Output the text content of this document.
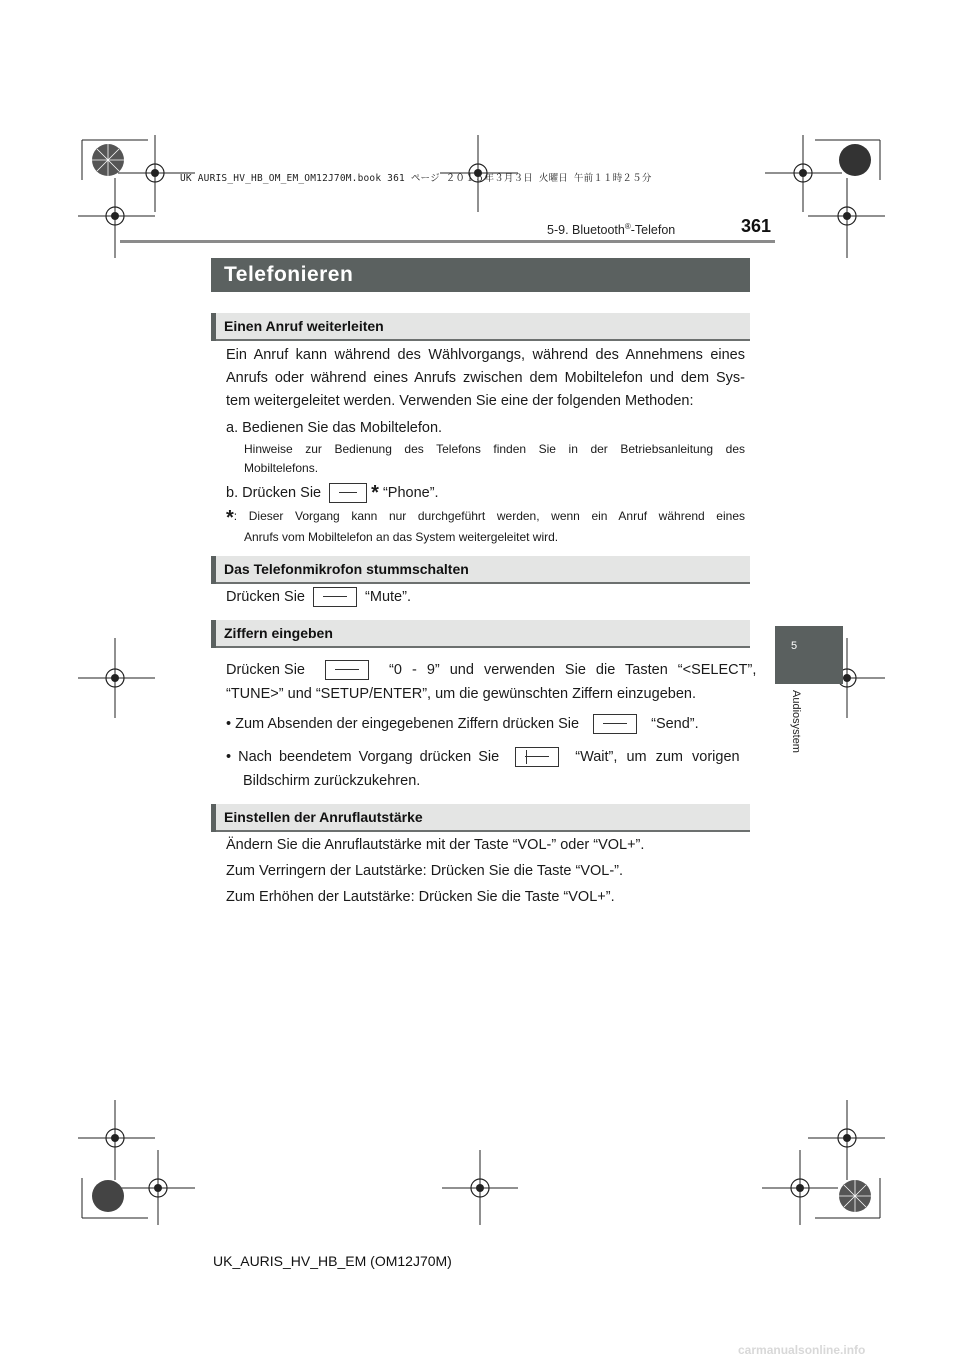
UK AURIS_HV_HB_OM_EM_OM12J70M.book 361 ページ ２０１５年３月３日 火曜日 午前１１時２５分
5-9. Bluetooth®-Telefon	361
5
Audiosystem
Telefonieren
Einen Anruf weiterleiten
Ein Anruf kann während des Wählvorgangs, während des Annehmens eines
Anrufs oder während eines Anrufs zwischen dem Mobiltelefon und dem Sys-
tem weitergeleitet werden. Verwenden Sie eine der folgenden Methoden:
a. Bedienen Sie das Mobiltelefon.
Hinweise zur Bedienung des Telefons finden Sie in der Betriebsanleitung des
Mobiltelefons.
b. Drücken Sie	* “Phone”.
*: Dieser Vorgang kann nur durchgeführt werden, wenn ein Anruf während eines
Anrufs vom Mobiltelefon an das System weitergeleitet wird.
Das Telefonmikrofon stummschalten
Drücken Sie	“Mute”.
Ziffern eingeben
Drücken Sie	“0 - 9” und verwenden Sie die Tasten “<SELECT”,
“TUNE>” und “SETUP/ENTER”, um die gewünschten Ziffern einzugeben.
• Zum Absenden der eingegebenen Ziffern drücken Sie	“Send”.
• Nach beendetem Vorgang drücken Sie	“Wait”, um zum vorigen
Bildschirm zurückzukehren.
Einstellen der Anruflautstärke
Ändern Sie die Anruflautstärke mit der Taste “VOL-” oder “VOL+”.
Zum Verringern der Lautstärke: Drücken Sie die Taste “VOL-”.
Zum Erhöhen der Lautstärke: Drücken Sie die Taste “VOL+”.
UK_AURIS_HV_HB_EM (OM12J70M)
carmanualsonline.info
